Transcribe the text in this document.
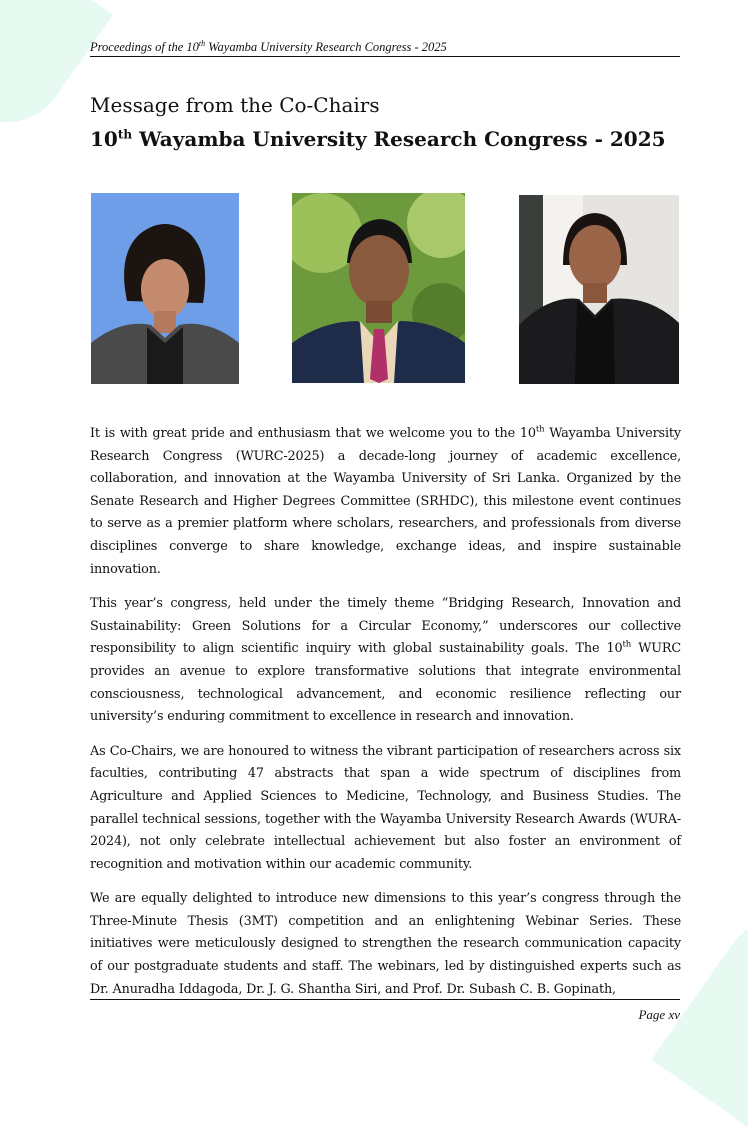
Proceedings of the 10th Wayamba University Research Congress - 2025
Message from the Co-Chairs
10th Wayamba University Research Congress - 2025

It is with great pride and enthusiasm that we welcome you to the 10th Wayamba University Research Congress (WURC-2025) a decade-long journey of academic excellence, collaboration, and innovation at the Wayamba University of Sri Lanka. Organized by the Senate Research and Higher Degrees Committee (SRHDC), this milestone event continues to serve as a premier platform where scholars, researchers, and professionals from diverse disciplines converge to share knowledge, exchange ideas, and inspire sustainable innovation.

This year’s congress, held under the timely theme “Bridging Research, Innovation and Sustainability: Green Solutions for a Circular Economy,” underscores our collective responsibility to align scientific inquiry with global sustainability goals. The 10th WURC provides an avenue to explore transformative solutions that integrate environmental consciousness, technological advancement, and economic resilience reflecting our university’s enduring commitment to excellence in research and innovation.

As Co-Chairs, we are honoured to witness the vibrant participation of researchers across six faculties, contributing 47 abstracts that span a wide spectrum of disciplines from Agriculture and Applied Sciences to Medicine, Technology, and Business Studies. The parallel technical sessions, together with the Wayamba University Research Awards (WURA-2024), not only celebrate intellectual achievement but also foster an environment of recognition and motivation within our academic community.

We are equally delighted to introduce new dimensions to this year’s congress through the Three-Minute Thesis (3MT) competition and an enlightening Webinar Series. These initiatives were meticulously designed to strengthen the research communication capacity of our postgraduate students and staff. The webinars, led by distinguished experts such as Dr. Anuradha Iddagoda, Dr. J. G. Shantha Siri, and Prof. Dr. Subash C. B. Gopinath,

Page xv
